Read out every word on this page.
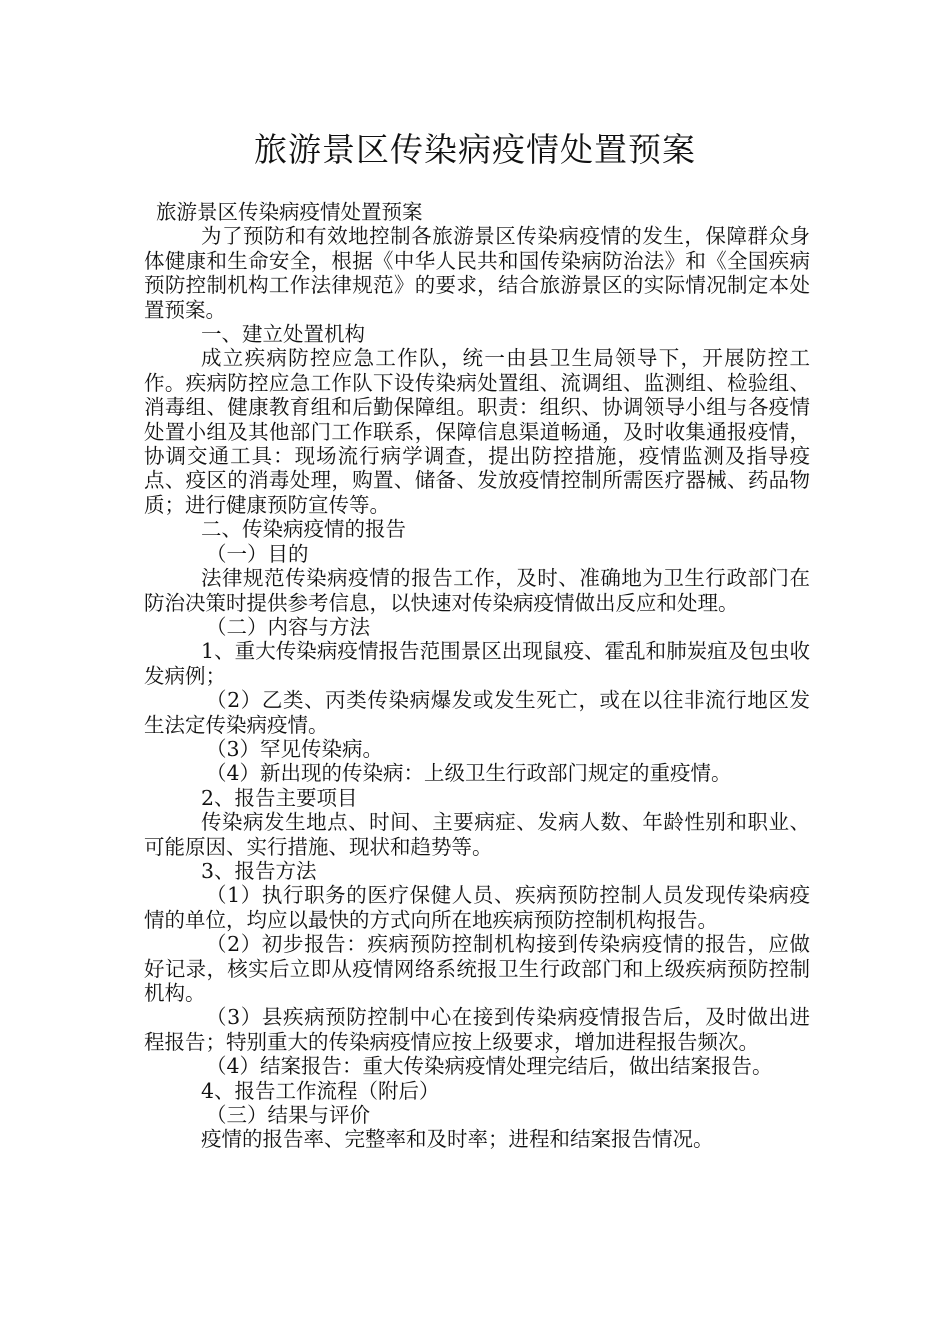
旅游景区传染病疫情处置预案

旅游景区传染病疫情处置预案

为了预防和有效地控制各旅游景区传染病疫情的发生，保障群众身体健康和生命安全，根据《中华人民共和国传染病防治法》和《全国疾病预防控制机构工作法律规范》的要求，结合旅游景区的实际情况制定本处置预案。

一、建立处置机构

成立疾病防控应急工作队，统一由县卫生局领导下，开展防控工作。疾病防控应急工作队下设传染病处置组、流调组、监测组、检验组、消毒组、健康教育组和后勤保障组。职责：组织、协调领导小组与各疫情处置小组及其他部门工作联系，保障信息渠道畅通，及时收集通报疫情，协调交通工具：现场流行病学调查，提出防控措施，疫情监测及指导疫点、疫区的消毒处理，购置、储备、发放疫情控制所需医疗器械、药品物质；进行健康预防宣传等。

二、传染病疫情的报告

（一）目的

法律规范传染病疫情的报告工作，及时、准确地为卫生行政部门在防治决策时提供参考信息，以快速对传染病疫情做出反应和处理。

（二）内容与方法

1、重大传染病疫情报告范围景区出现鼠疫、霍乱和肺炭疽及包虫收发病例；

（2）乙类、丙类传染病爆发或发生死亡，或在以往非流行地区发生法定传染病疫情。

（3）罕见传染病。

（4）新出现的传染病：上级卫生行政部门规定的重疫情。

2、报告主要项目

传染病发生地点、时间、主要病症、发病人数、年龄性别和职业、可能原因、实行措施、现状和趋势等。

3、报告方法

（1）执行职务的医疗保健人员、疾病预防控制人员发现传染病疫情的单位，均应以最快的方式向所在地疾病预防控制机构报告。

（2）初步报告：疾病预防控制机构接到传染病疫情的报告，应做好记录，核实后立即从疫情网络系统报卫生行政部门和上级疾病预防控制机构。

（3）县疾病预防控制中心在接到传染病疫情报告后，及时做出进程报告；特别重大的传染病疫情应按上级要求，增加进程报告频次。

（4）结案报告：重大传染病疫情处理完结后，做出结案报告。

4、报告工作流程（附后）

（三）结果与评价

疫情的报告率、完整率和及时率；进程和结案报告情况。
